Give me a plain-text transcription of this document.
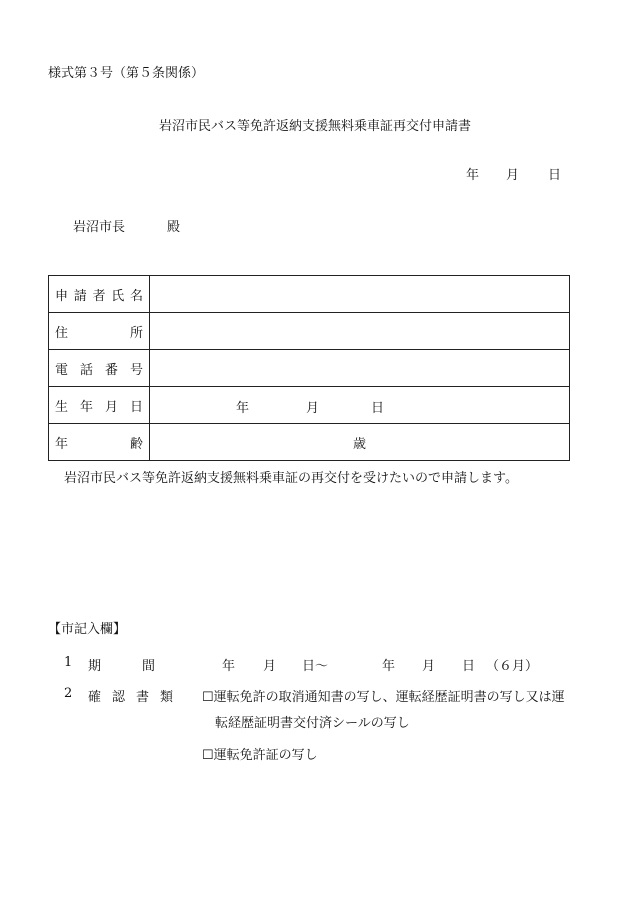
様式第３号（第５条関係）
岩沼市民バス等免許返納支援無料乗車証再交付申請書
年 月 日
岩沼市長	殿
申 請 者 氏 名	

住 所	

電 話 番 号	

生 年 月 日	年 月 日

年 齢	歳
岩沼市民バス等免許返納支援無料乗車証の再交付を受けたいので申請します。
【市記入欄】
1 期	間	年 月 日〜	年 月 日 （６月）
2 確 認 書 類 ☐運転免許の取消通知書の写し、運転経歴証明書の写し又は運
転経歴証明書交付済シールの写し
☐運転免許証の写し
